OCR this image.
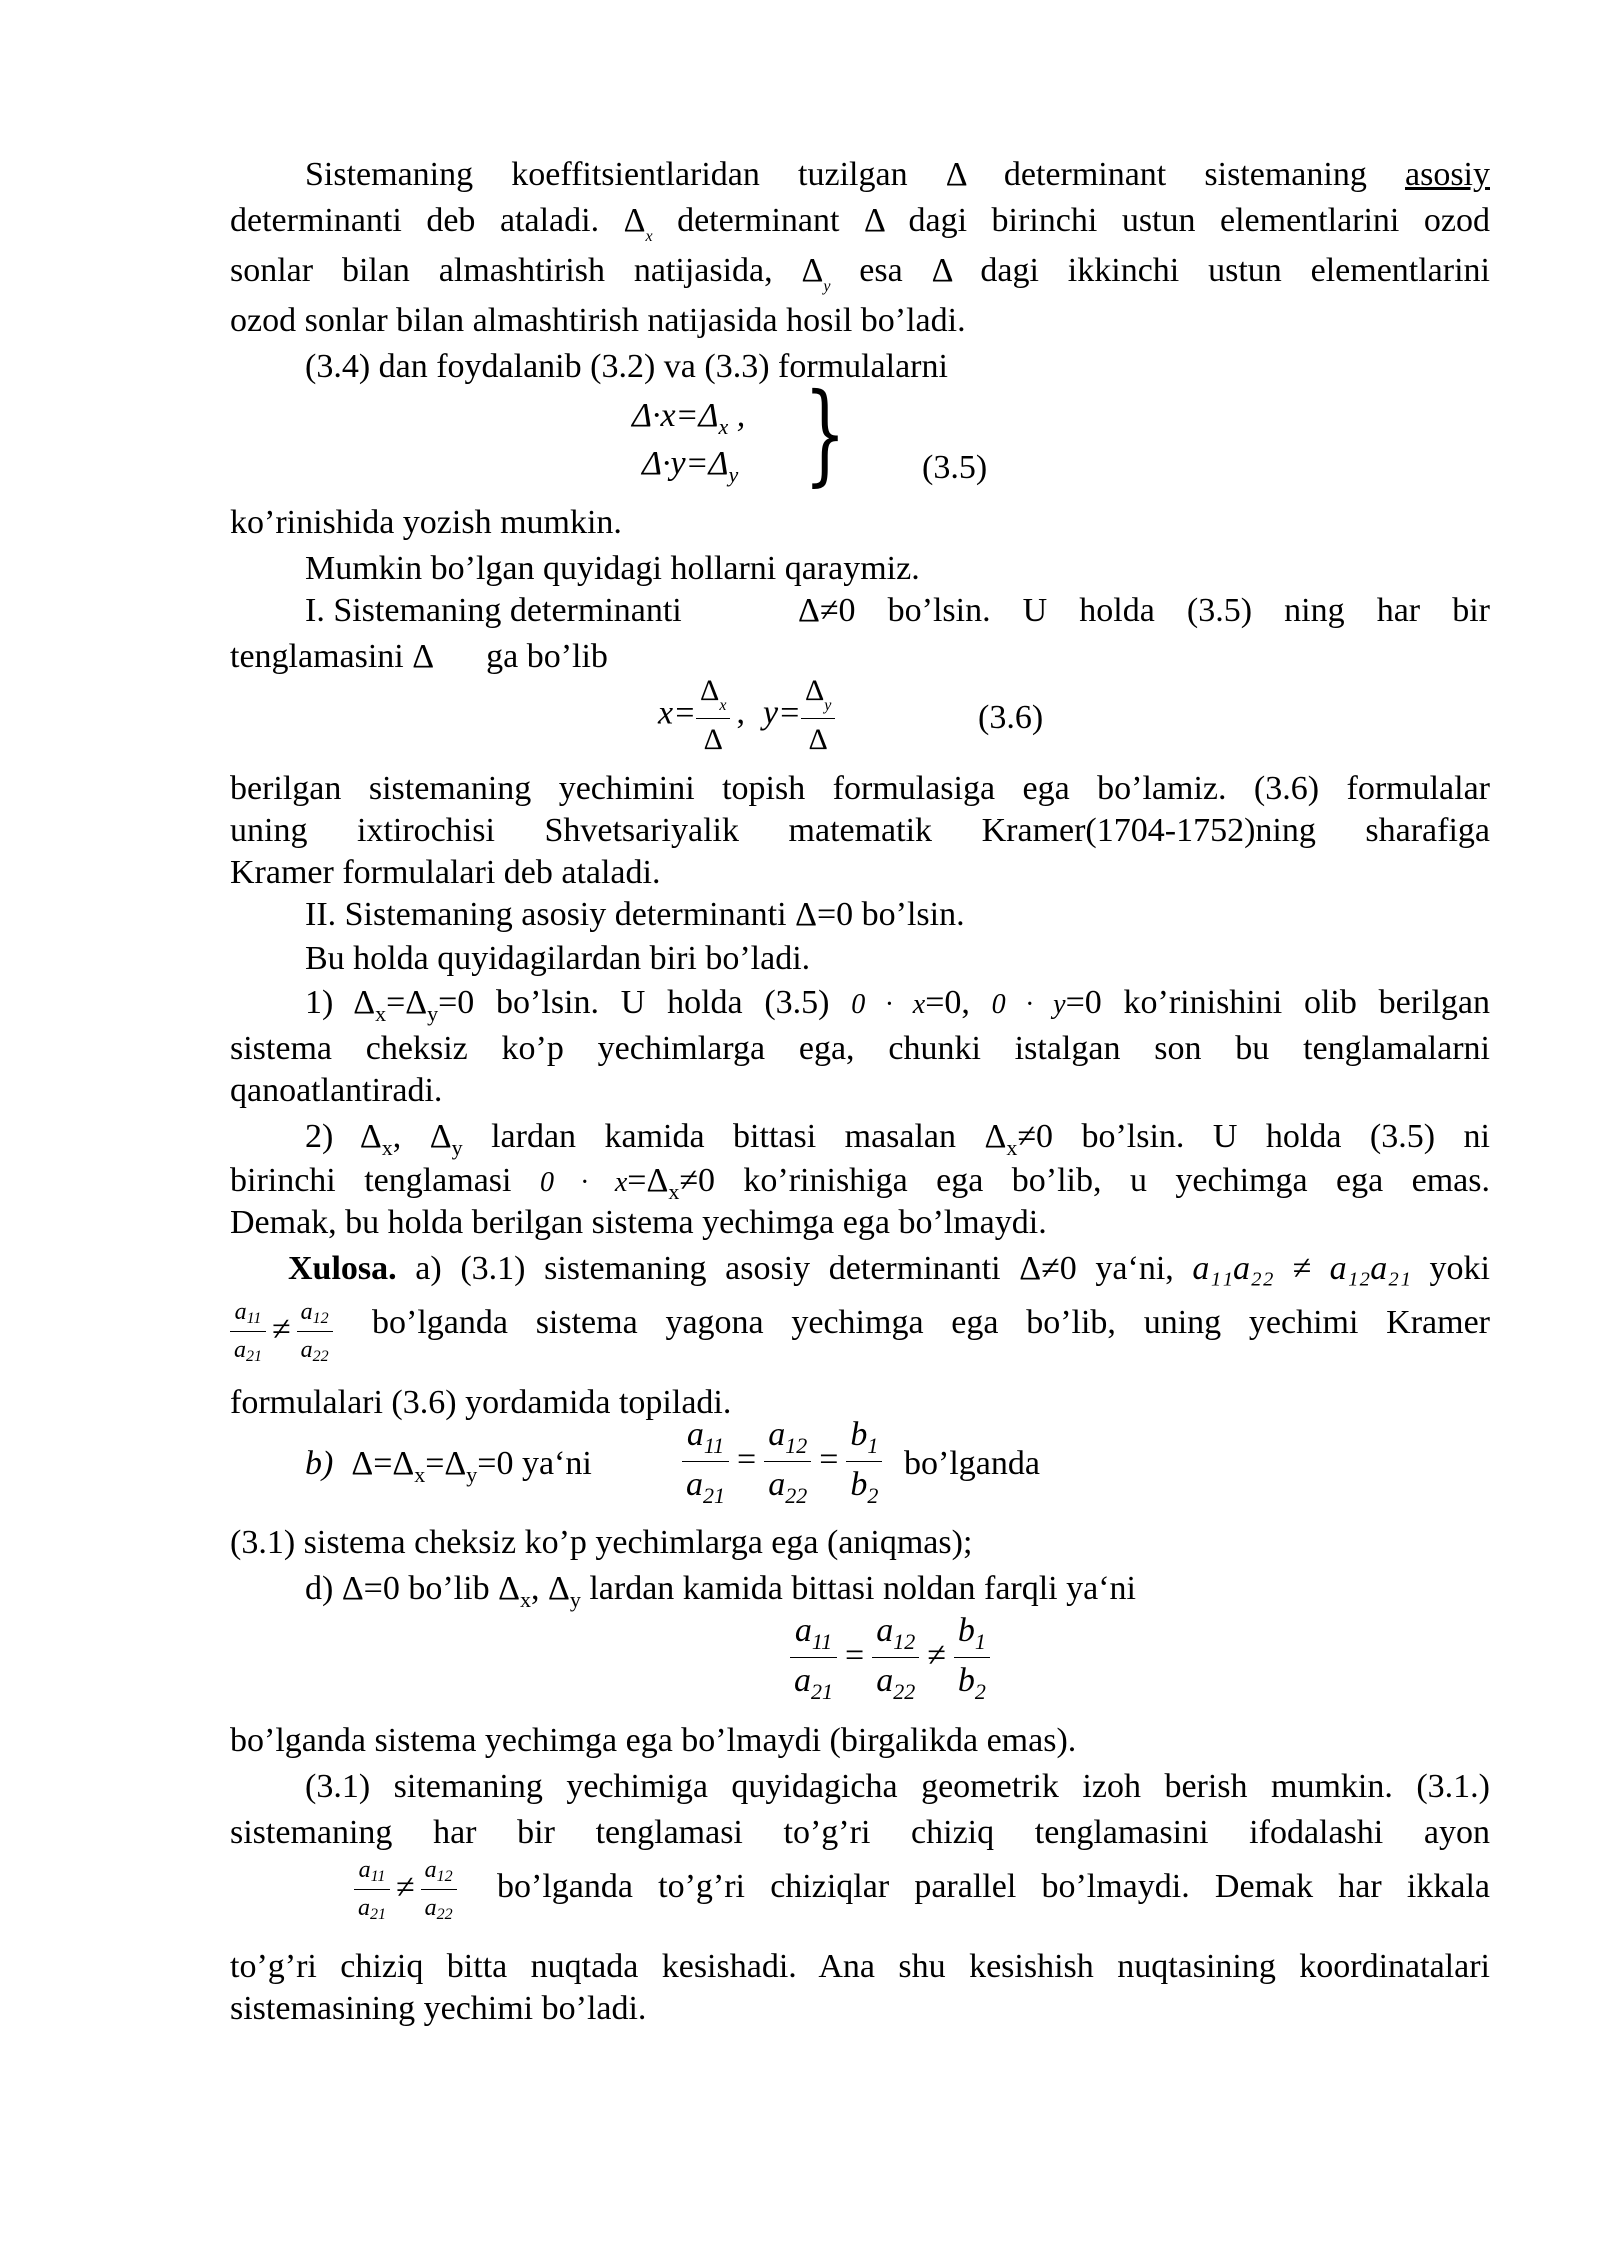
Sistemaning koeffitsientlaridan tuzilgan Δ determinant sistemaning asosiy
determinanti deb ataladi. $\Delta_x$ determinant Δ dagi birinchi ustun elementlarini ozod
sonlar bilan almashtirish natijasida, $\Delta_y$ esa Δ dagi ikkinchi ustun elementlarini
ozod sonlar bilan almashtirish natijasida hosil bo’ladi.
(3.4) dan foydalanib (3.2) va (3.3) formulalarni
$\Delta\cdot x=\Delta_x$ ,
$\Delta\cdot y=\Delta_y$ } (3.5)
ko’rinishida yozish mumkin.
Mumkin bo’lgan quyidagi hollarni qaraymiz.
I. Sistemaning determinanti	Δ≠0 bo’lsin. U holda (3.5) ning har bir
tenglamasini Δ ga bo’lib
$x= \frac{\Delta_x}{\Delta}$ , $y= \frac{\Delta_y}{\Delta}$	(3.6)
berilgan sistemaning yechimini topish formulasiga ega bo’lamiz. (3.6) formulalar
uning ixtirochisi Shvetsariyalik matematik Kramer(1704-1752)ning sharafiga
Kramer formulalari deb ataladi.
II. Sistemaning asosiy determinanti Δ=0 bo’lsin.
Bu holda quyidagilardan biri bo’ladi.
1) $\Delta_x=\Delta_y=0$ bo’lsin. U holda (3.5) 0 · x=0, 0 · y=0 ko’rinishini olib berilgan
sistema cheksiz ko’p yechimlarga ega, chunki istalgan son bu tenglamalarni
qanoatlantiradi.
2) $\Delta_x$, $\Delta_y$ lardan kamida bittasi masalan $\Delta_x\ne 0$ bo’lsin. U holda (3.5) ni
birinchi tenglamasi $0 \cdot x=\Delta_x\ne 0$ ko’rinishiga ega bo’lib, u yechimga ega emas.
Demak, bu holda berilgan sistema yechimga ega bo’lmaydi.
Xulosa. a) (3.1) sistemaning asosiy determinanti Δ≠0 ya‘ni, a₁₁a₂₂ ≠ a₁₂a₂₁ yoki
$\frac{a_{11}}{a_{21}} \ne \frac{a_{12}}{a_{22}}$ bo’lganda sistema yagona yechimga ega bo’lib, uning yechimi Kramer
formulalari (3.6) yordamida topiladi.
b) $\Delta=\Delta_x=\Delta_y=0$ ya‘ni	$\frac{a_{11}}{a_{21}} = \frac{a_{12}}{a_{22}} = \frac{b_1}{b_2}$ bo’lganda
(3.1) sistema cheksiz ko’p yechimlarga ega (aniqmas);
d) Δ=0 bo’lib $\Delta_x$, $\Delta_y$ lardan kamida bittasi noldan farqli ya‘ni
$\frac{a_{11}}{a_{21}} = \frac{a_{12}}{a_{22}} \ne \frac{b_1}{b_2}$
bo’lganda sistema yechimga ega bo’lmaydi (birgalikda emas).
(3.1) sitemaning yechimiga quyidagicha geometrik izoh berish mumkin. (3.1.)
sistemaning har bir tenglamasi to’g’ri chiziq tenglamasini ifodalashi ayon
$\frac{a_{11}}{a_{21}} \ne \frac{a_{12}}{a_{22}}$ bo’lganda to’g’ri chiziqlar parallel bo’lmaydi. Demak har ikkala
to’g’ri chiziq bitta nuqtada kesishadi. Ana shu kesishish nuqtasining koordinatalari
sistemasining yechimi bo’ladi.
